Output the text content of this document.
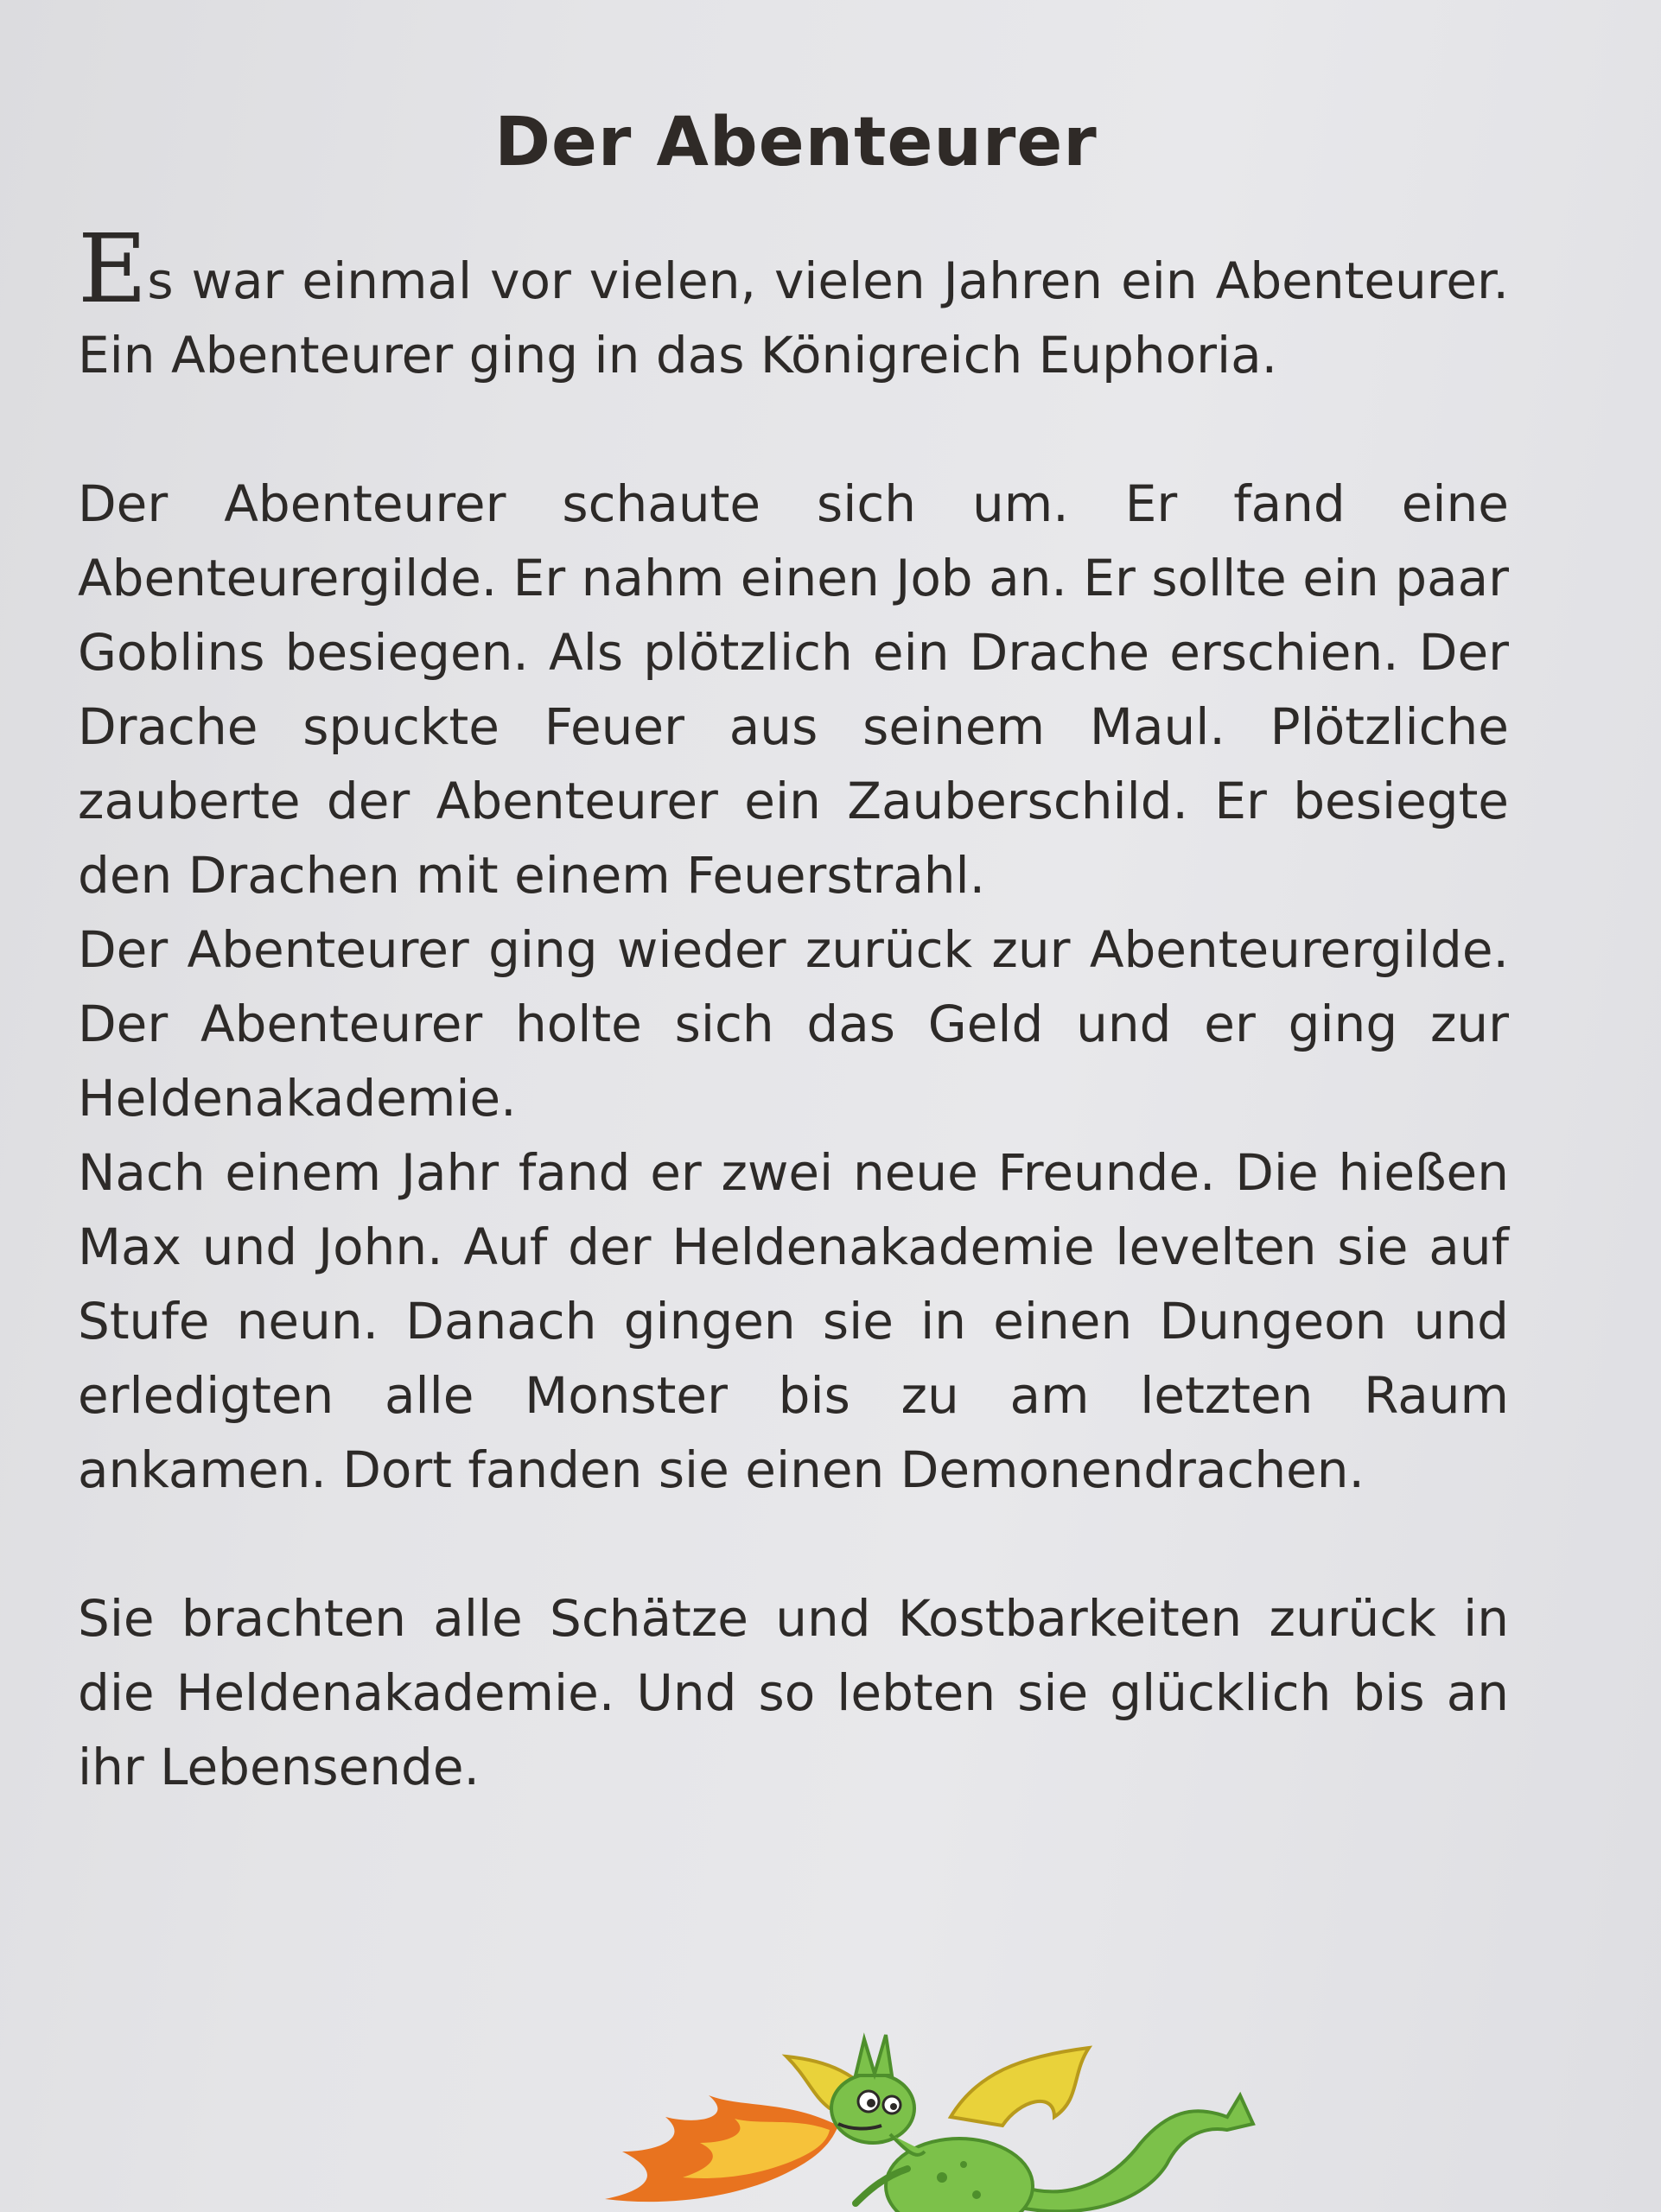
Der Abenteurer

Es war einmal vor vielen, vielen Jahren ein Abenteurer. Ein Abenteurer ging in das Königreich Euphoria.

Der Abenteurer schaute sich um. Er fand eine Abenteurergilde. Er nahm einen Job an. Er sollte ein paar Goblins besiegen. Als plötzlich ein Drache erschien. Der Drache spuckte Feuer aus seinem Maul. Plötzliche zauberte der Abenteurer ein Zauberschild. Er besiegte den Drachen mit einem Feuerstrahl.

Der Abenteurer ging wieder zurück zur Abenteurergilde. Der Abenteurer holte sich das Geld und er ging zur Heldenakademie.

Nach einem Jahr fand er zwei neue Freunde. Die hießen Max und John. Auf der Heldenakademie levelten sie auf Stufe neun. Danach gingen sie in einen Dungeon und erledigten alle Monster bis zu am letzten Raum ankamen. Dort fanden sie einen Demonendrachen.

Sie brachten alle Schätze und Kostbarkeiten zurück in die Heldenakademie. Und so lebten sie glücklich bis an ihr Lebensende.
